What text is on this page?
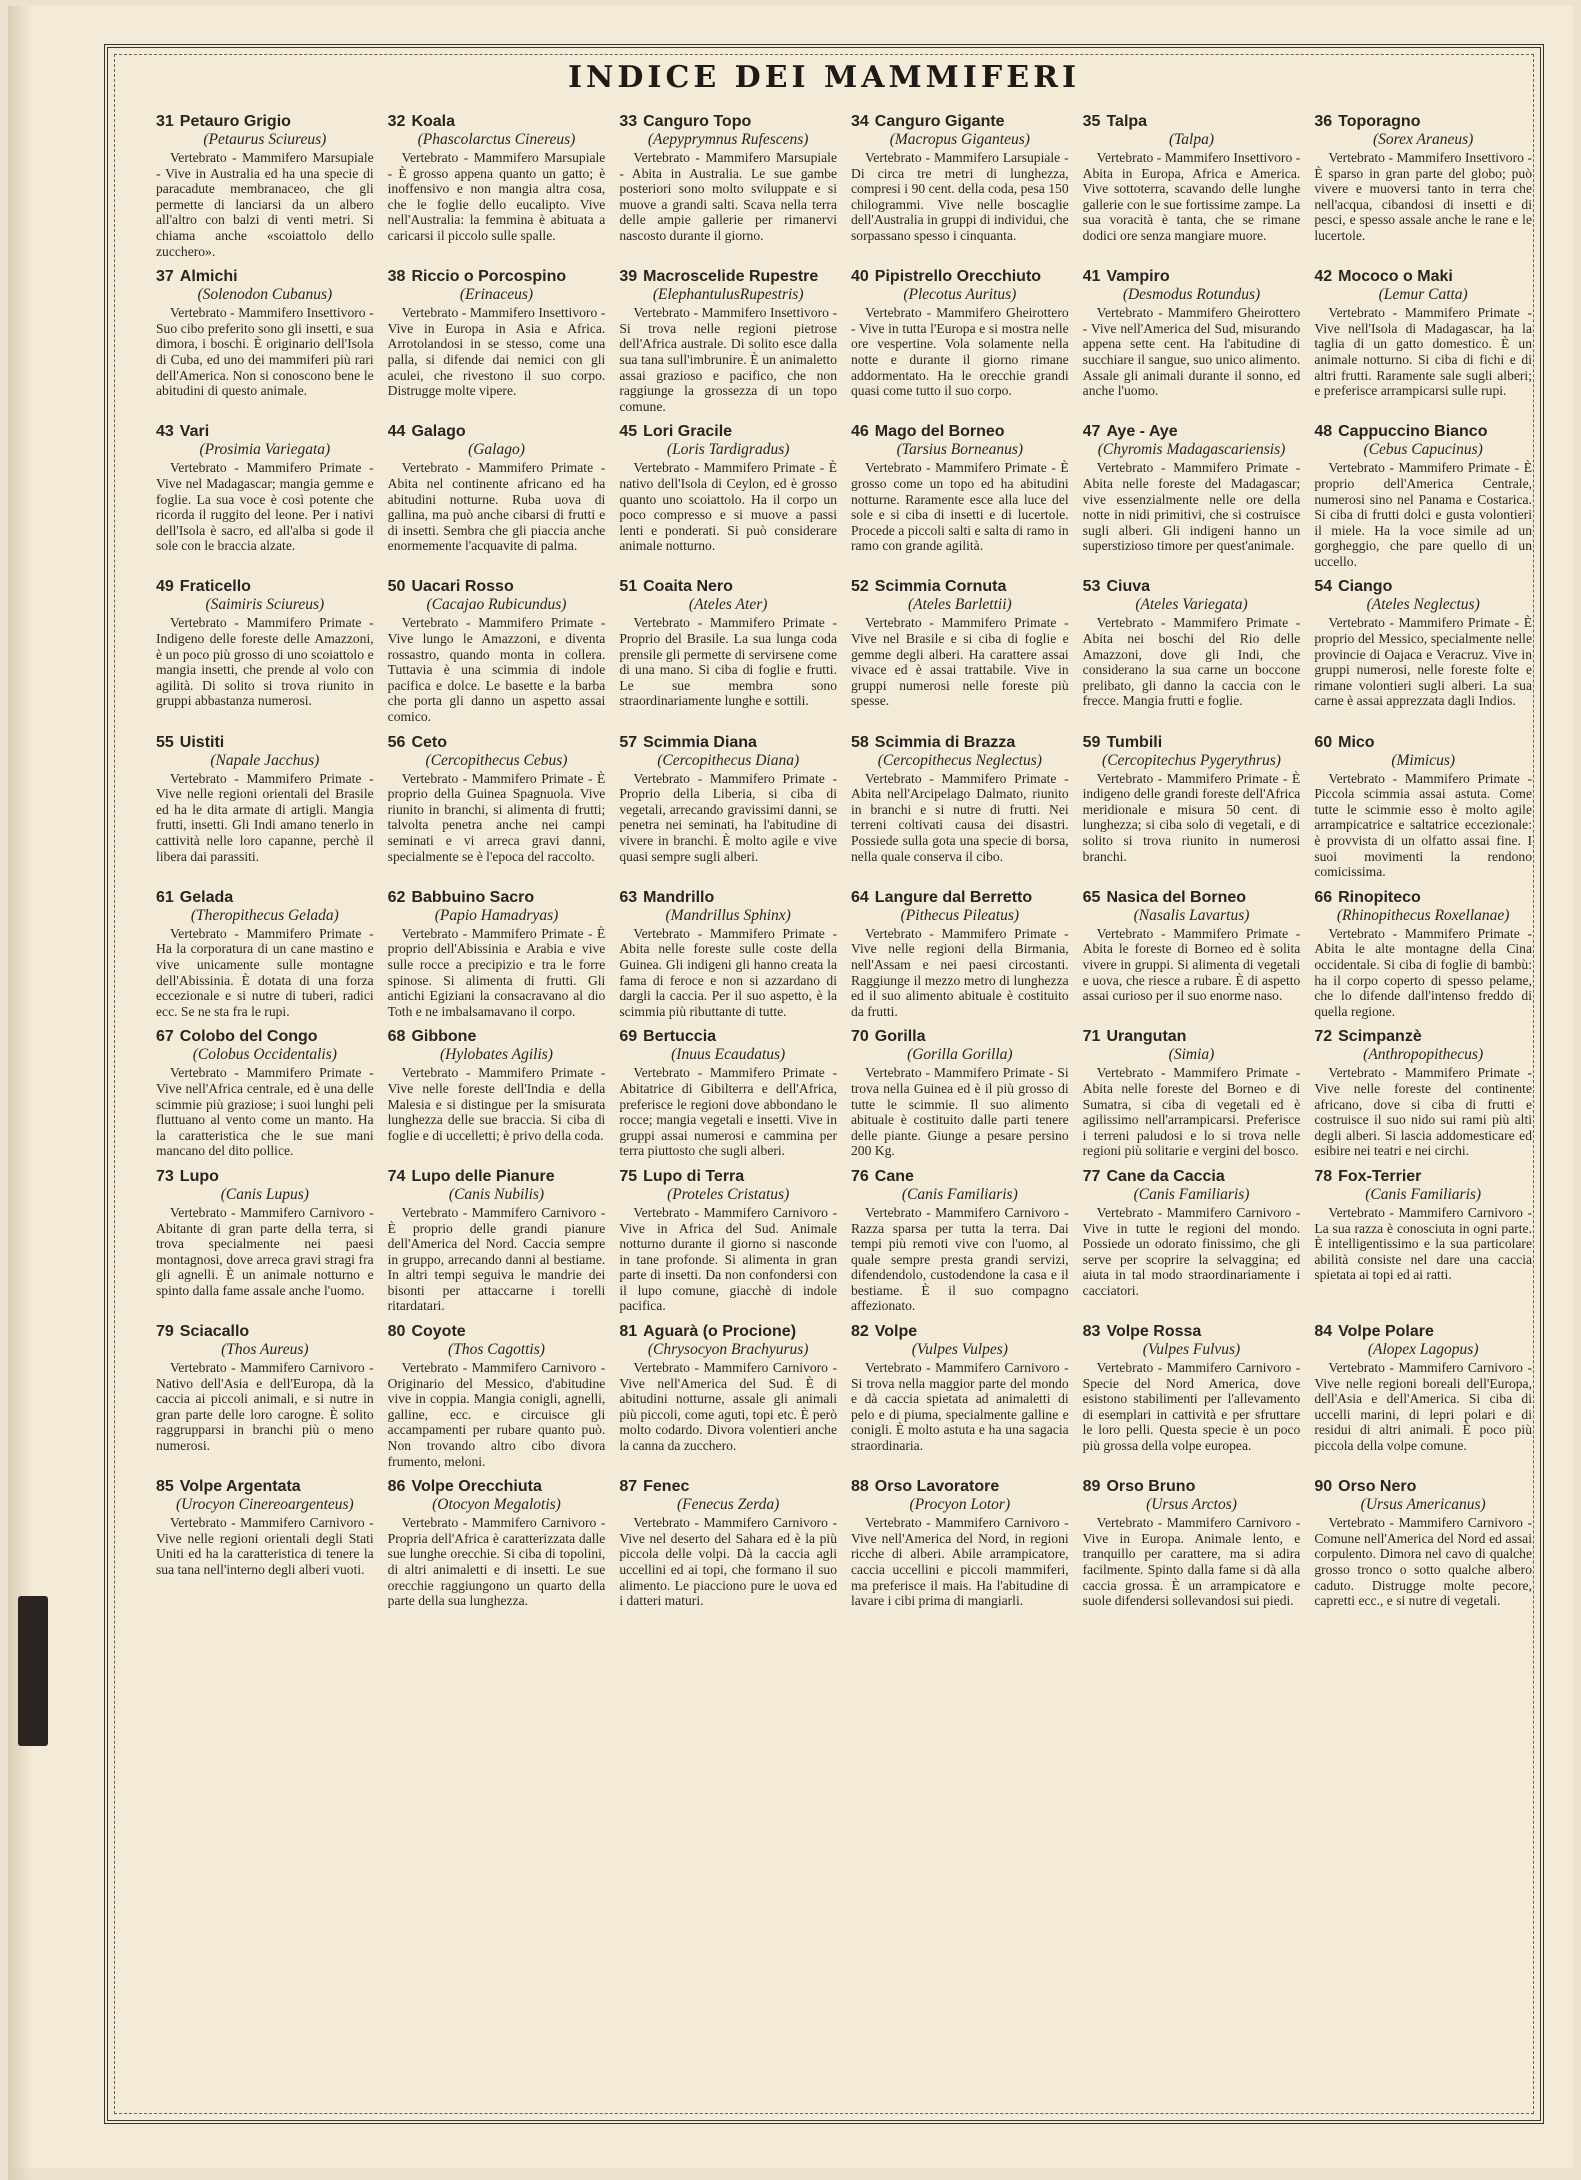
INDICE DEI MAMMIFERI
31 Petauro Grigio
(Petaurus Sciureus)
Vertebrato - Mammifero Marsupiale - Vive in Australia ed ha una specie di paracadute membranaceo, che gli permette di lanciarsi da un albero all'altro con balzi di venti metri. Si chiama anche «scoiattolo dello zucchero».
32 Koala
(Phascolarctus Cinereus)
Vertebrato - Mammifero Marsupiale - È grosso appena quanto un gatto; è inoffensivo e non mangia altra cosa, che le foglie dello eucalipto. Vive nell'Australia: la femmina è abituata a caricarsi il piccolo sulle spalle.
33 Canguro Topo
(Aepyprymnus Rufescens)
Vertebrato - Mammifero Marsupiale - Abita in Australia. Le sue gambe posteriori sono molto sviluppate e si muove a grandi salti. Scava nella terra delle ampie gallerie per rimanervi nascosto durante il giorno.
34 Canguro Gigante
(Macropus Giganteus)
Vertebrato - Mammifero Larsupiale - Di circa tre metri di lunghezza, compresi i 90 cent. della coda, pesa 150 chilogrammi. Vive nelle boscaglie dell'Australia in gruppi di individui, che sorpassano spesso i cinquanta.
35 Talpa
(Talpa)
Vertebrato - Mammifero Insettivoro - Abita in Europa, Africa e America. Vive sottoterra, scavando delle lunghe gallerie con le sue fortissime zampe. La sua voracità è tanta, che se rimane dodici ore senza mangiare muore.
36 Toporagno
(Sorex Araneus)
Vertebrato - Mammifero Insettivoro - È sparso in gran parte del globo; può vivere e muoversi tanto in terra che nell'acqua, cibandosi di insetti e di pesci, e spesso assale anche le rane e le lucertole.
37 Almichi
(Solenodon Cubanus)
Vertebrato - Mammifero Insettivoro - Suo cibo preferito sono gli insetti, e sua dimora, i boschi. È originario dell'Isola di Cuba, ed uno dei mammiferi più rari dell'America. Non si conoscono bene le abitudini di questo animale.
38 Riccio o Porcospino
(Erinaceus)
Vertebrato - Mammifero Insettivoro - Vive in Europa in Asia e Africa. Arrotolandosi in se stesso, come una palla, si difende dai nemici con gli aculei, che rivestono il suo corpo. Distrugge molte vipere.
39 Macroscelide Rupestre
(ElephantulusRupestris)
Vertebrato - Mammifero Insettivoro - Si trova nelle regioni pietrose dell'Africa australe. Di solito esce dalla sua tana sull'imbrunire. È un animaletto assai grazioso e pacifico, che non raggiunge la grossezza di un topo comune.
40 Pipistrello Orecchiuto
(Plecotus Auritus)
Vertebrato - Mammifero Gheirottero - Vive in tutta l'Europa e si mostra nelle ore vespertine. Vola solamente nella notte e durante il giorno rimane addormentato. Ha le orecchie grandi quasi come tutto il suo corpo.
41 Vampiro
(Desmodus Rotundus)
Vertebrato - Mammifero Gheirottero - Vive nell'America del Sud, misurando appena sette cent. Ha l'abitudine di succhiare il sangue, suo unico alimento. Assale gli animali durante il sonno, ed anche l'uomo.
42 Mococo o Maki
(Lemur Catta)
Vertebrato - Mammifero Primate - Vive nell'Isola di Madagascar, ha la taglia di un gatto domestico. È un animale notturno. Si ciba di fichi e di altri frutti. Raramente sale sugli alberi; e preferisce arrampicarsi sulle rupi.
43 Vari
(Prosimia Variegata)
Vertebrato - Mammifero Primate - Vive nel Madagascar; mangia gemme e foglie. La sua voce è così potente che ricorda il ruggito del leone. Per i nativi dell'Isola è sacro, ed all'alba si gode il sole con le braccia alzate.
44 Galago
(Galago)
Vertebrato - Mammifero Primate - Abita nel continente africano ed ha abitudini notturne. Ruba uova di gallina, ma può anche cibarsi di frutti e di insetti. Sembra che gli piaccia anche enormemente l'acquavite di palma.
45 Lori Gracile
(Loris Tardigradus)
Vertebrato - Mammifero Primate - È nativo dell'Isola di Ceylon, ed è grosso quanto uno scoiattolo. Ha il corpo un poco compresso e si muove a passi lenti e ponderati. Si può considerare animale notturno.
46 Mago del Borneo
(Tarsius Borneanus)
Vertebrato - Mammifero Primate - È grosso come un topo ed ha abitudini notturne. Raramente esce alla luce del sole e si ciba di insetti e di lucertole. Procede a piccoli salti e salta di ramo in ramo con grande agilità.
47 Aye - Aye
(Chyromis Madagascariensis)
Vertebrato - Mammifero Primate - Abita nelle foreste del Madagascar; vive essenzialmente nelle ore della notte in nidi primitivi, che si costruisce sugli alberi. Gli indigeni hanno un superstizioso timore per quest'animale.
48 Cappuccino Bianco
(Cebus Capucinus)
Vertebrato - Mammifero Primate - È proprio dell'America Centrale, numerosi sino nel Panama e Costarica. Si ciba di frutti dolci e gusta volontieri il miele. Ha la voce simile ad un gorgheggio, che pare quello di un uccello.
49 Fraticello
(Saimiris Sciureus)
Vertebrato - Mammifero Primate - Indigeno delle foreste delle Amazzoni, è un poco più grosso di uno scoiattolo e mangia insetti, che prende al volo con agilità. Di solito si trova riunito in gruppi abbastanza numerosi.
50 Uacari Rosso
(Cacajao Rubicundus)
Vertebrato - Mammifero Primate - Vive lungo le Amazzoni, e diventa rossastro, quando monta in collera. Tuttavia è una scimmia di indole pacifica e dolce. Le basette e la barba che porta gli danno un aspetto assai comico.
51 Coaita Nero
(Ateles Ater)
Vertebrato - Mammifero Primate - Proprio del Brasile. La sua lunga coda prensile gli permette di servirsene come di una mano. Si ciba di foglie e frutti. Le sue membra sono straordinariamente lunghe e sottili.
52 Scimmia Cornuta
(Ateles Barlettii)
Vertebrato - Mammifero Primate - Vive nel Brasile e si ciba di foglie e gemme degli alberi. Ha carattere assai vivace ed è assai trattabile. Vive in gruppi numerosi nelle foreste più spesse.
53 Ciuva
(Ateles Variegata)
Vertebrato - Mammifero Primate - Abita nei boschi del Rio delle Amazzoni, dove gli Indi, che considerano la sua carne un boccone prelibato, gli danno la caccia con le frecce. Mangia frutti e foglie.
54 Ciango
(Ateles Neglectus)
Vertebrato - Mammifero Primate - È proprio del Messico, specialmente nelle provincie di Oajaca e Veracruz. Vive in gruppi numerosi, nelle foreste folte e rimane volontieri sugli alberi. La sua carne è assai apprezzata dagli Indios.
55 Uistiti
(Napale Jacchus)
Vertebrato - Mammifero Primate - Vive nelle regioni orientali del Brasile ed ha le dita armate di artigli. Mangia frutti, insetti. Gli Indi amano tenerlo in cattività nelle loro capanne, perchè il libera dai parassiti.
56 Ceto
(Cercopithecus Cebus)
Vertebrato - Mammifero Primate - È proprio della Guinea Spagnuola. Vive riunito in branchi, si alimenta di frutti; talvolta penetra anche nei campi seminati e vi arreca gravi danni, specialmente se è l'epoca del raccolto.
57 Scimmia Diana
(Cercopithecus Diana)
Vertebrato - Mammifero Primate - Proprio della Liberia, si ciba di vegetali, arrecando gravissimi danni, se penetra nei seminati, ha l'abitudine di vivere in branchi. È molto agile e vive quasi sempre sugli alberi.
58 Scimmia di Brazza
(Cercopithecus Neglectus)
Vertebrato - Mammifero Primate - Abita nell'Arcipelago Dalmato, riunito in branchi e si nutre di frutti. Nei terreni coltivati causa dei disastri. Possiede sulla gota una specie di borsa, nella quale conserva il cibo.
59 Tumbili
(Cercopitechus Pygerythrus)
Vertebrato - Mammifero Primate - È indigeno delle grandi foreste dell'Africa meridionale e misura 50 cent. di lunghezza; si ciba solo di vegetali, e di solito si trova riunito in numerosi branchi.
60 Mico
(Mimicus)
Vertebrato - Mammifero Primate - Piccola scimmia assai astuta. Come tutte le scimmie esso è molto agile arrampicatrice e saltatrice eccezionale: è provvista di un olfatto assai fine. I suoi movimenti la rendono comicissima.
61 Gelada
(Theropithecus Gelada)
Vertebrato - Mammifero Primate - Ha la corporatura di un cane mastino e vive unicamente sulle montagne dell'Abissinia. È dotata di una forza eccezionale e si nutre di tuberi, radici ecc. Se ne sta fra le rupi.
62 Babbuino Sacro
(Papio Hamadryas)
Vertebrato - Mammifero Primate - È proprio dell'Abissinia e Arabia e vive sulle rocce a precipizio e tra le forre spinose. Si alimenta di frutti. Gli antichi Egiziani la consacravano al dio Toth e ne imbalsamavano il corpo.
63 Mandrillo
(Mandrillus Sphinx)
Vertebrato - Mammifero Primate - Abita nelle foreste sulle coste della Guinea. Gli indigeni gli hanno creata la fama di feroce e non si azzardano di dargli la caccia. Per il suo aspetto, è la scimmia più ributtante di tutte.
64 Langure dal Berretto
(Pithecus Pileatus)
Vertebrato - Mammifero Primate - Vive nelle regioni della Birmania, nell'Assam e nei paesi circostanti. Raggiunge il mezzo metro di lunghezza ed il suo alimento abituale è costituito da frutti.
65 Nasica del Borneo
(Nasalis Lavartus)
Vertebrato - Mammifero Primate - Abita le foreste di Borneo ed è solita vivere in gruppi. Si alimenta di vegetali e uova, che riesce a rubare. È di aspetto assai curioso per il suo enorme naso.
66 Rinopiteco
(Rhinopithecus Roxellanae)
Vertebrato - Mammifero Primate - Abita le alte montagne della Cina occidentale. Si ciba di foglie di bambù: ha il corpo coperto di spesso pelame, che lo difende dall'intenso freddo di quella regione.
67 Colobo del Congo
(Colobus Occidentalis)
Vertebrato - Mammifero Primate - Vive nell'Africa centrale, ed è una delle scimmie più graziose; i suoi lunghi peli fluttuano al vento come un manto. Ha la caratteristica che le sue mani mancano del dito pollice.
68 Gibbone
(Hylobates Agilis)
Vertebrato - Mammifero Primate - Vive nelle foreste dell'India e della Malesia e si distingue per la smisurata lunghezza delle sue braccia. Si ciba di foglie e di uccelletti; è privo della coda.
69 Bertuccia
(Inuus Ecaudatus)
Vertebrato - Mammifero Primate - Abitatrice di Gibilterra e dell'Africa, preferisce le regioni dove abbondano le rocce; mangia vegetali e insetti. Vive in gruppi assai numerosi e cammina per terra piuttosto che sugli alberi.
70 Gorilla
(Gorilla Gorilla)
Vertebrato - Mammifero Primate - Si trova nella Guinea ed è il più grosso di tutte le scimmie. Il suo alimento abituale è costituito dalle parti tenere delle piante. Giunge a pesare persino 200 Kg.
71 Urangutan
(Simia)
Vertebrato - Mammifero Primate - Abita nelle foreste del Borneo e di Sumatra, si ciba di vegetali ed è agilissimo nell'arrampicarsi. Preferisce i terreni paludosi e lo si trova nelle regioni più solitarie e vergini del bosco.
72 Scimpanzè
(Anthropopithecus)
Vertebrato - Mammifero Primate - Vive nelle foreste del continente africano, dove si ciba di frutti e costruisce il suo nido sui rami più alti degli alberi. Si lascia addomesticare ed esibire nei teatri e nei circhi.
73 Lupo
(Canis Lupus)
Vertebrato - Mammifero Carnivoro - Abitante di gran parte della terra, si trova specialmente nei paesi montagnosi, dove arreca gravi stragi fra gli agnelli. È un animale notturno e spinto dalla fame assale anche l'uomo.
74 Lupo delle Pianure
(Canis Nubilis)
Vertebrato - Mammifero Carnivoro - È proprio delle grandi pianure dell'America del Nord. Caccia sempre in gruppo, arrecando danni al bestiame. In altri tempi seguiva le mandrie dei bisonti per attaccarne i torelli ritardatari.
75 Lupo di Terra
(Proteles Cristatus)
Vertebrato - Mammifero Carnivoro - Vive in Africa del Sud. Animale notturno durante il giorno si nasconde in tane profonde. Si alimenta in gran parte di insetti. Da non confondersi con il lupo comune, giacchè di indole pacifica.
76 Cane
(Canis Familiaris)
Vertebrato - Mammifero Carnivoro - Razza sparsa per tutta la terra. Dai tempi più remoti vive con l'uomo, al quale sempre presta grandi servizi, difendendolo, custodendone la casa e il bestiame. È il suo compagno affezionato.
77 Cane da Caccia
(Canis Familiaris)
Vertebrato - Mammifero Carnivoro - Vive in tutte le regioni del mondo. Possiede un odorato finissimo, che gli serve per scoprire la selvaggina; ed aiuta in tal modo straordinariamente i cacciatori.
78 Fox-Terrier
(Canis Familiaris)
Vertebrato - Mammifero Carnivoro - La sua razza è conosciuta in ogni parte. È intelligentissimo e la sua particolare abilità consiste nel dare una caccia spietata ai topi ed ai ratti.
79 Sciacallo
(Thos Aureus)
Vertebrato - Mammifero Carnivoro - Nativo dell'Asia e dell'Europa, dà la caccia ai piccoli animali, e si nutre in gran parte delle loro carogne. È solito raggrupparsi in branchi più o meno numerosi.
80 Coyote
(Thos Cagottis)
Vertebrato - Mammifero Carnivoro - Originario del Messico, d'abitudine vive in coppia. Mangia conigli, agnelli, galline, ecc. e circuisce gli accampamenti per rubare quanto può. Non trovando altro cibo divora frumento, meloni.
81 Aguarà (o Procione)
(Chrysocyon Brachyurus)
Vertebrato - Mammifero Carnivoro - Vive nell'America del Sud. È di abitudini notturne, assale gli animali più piccoli, come aguti, topi etc. È però molto codardo. Divora volentieri anche la canna da zucchero.
82 Volpe
(Vulpes Vulpes)
Vertebrato - Mammifero Carnivoro - Si trova nella maggior parte del mondo e dà caccia spietata ad animaletti di pelo e di piuma, specialmente galline e conigli. È molto astuta e ha una sagacia straordinaria.
83 Volpe Rossa
(Vulpes Fulvus)
Vertebrato - Mammifero Carnivoro - Specie del Nord America, dove esistono stabilimenti per l'allevamento di esemplari in cattività e per sfruttare le loro pelli. Questa specie è un poco più grossa della volpe europea.
84 Volpe Polare
(Alopex Lagopus)
Vertebrato - Mammifero Carnivoro - Vive nelle regioni boreali dell'Europa, dell'Asia e dell'America. Si ciba di uccelli marini, di lepri polari e di residui di altri animali. È poco più piccola della volpe comune.
85 Volpe Argentata
(Urocyon Cinereoargenteus)
Vertebrato - Mammifero Carnivoro - Vive nelle regioni orientali degli Stati Uniti ed ha la caratteristica di tenere la sua tana nell'interno degli alberi vuoti.
86 Volpe Orecchiuta
(Otocyon Megalotis)
Vertebrato - Mammifero Carnivoro - Propria dell'Africa è caratterizzata dalle sue lunghe orecchie. Si ciba di topolini, di altri animaletti e di insetti. Le sue orecchie raggiungono un quarto della parte della sua lunghezza.
87 Fenec
(Fenecus Zerda)
Vertebrato - Mammifero Carnivoro - Vive nel deserto del Sahara ed è la più piccola delle volpi. Dà la caccia agli uccellini ed ai topi, che formano il suo alimento. Le piacciono pure le uova ed i datteri maturi.
88 Orso Lavoratore
(Procyon Lotor)
Vertebrato - Mammifero Carnivoro - Vive nell'America del Nord, in regioni ricche di alberi. Abile arrampicatore, caccia uccellini e piccoli mammiferi, ma preferisce il mais. Ha l'abitudine di lavare i cibi prima di mangiarli.
89 Orso Bruno
(Ursus Arctos)
Vertebrato - Mammifero Carnivoro - Vive in Europa. Animale lento, e tranquillo per carattere, ma si adira facilmente. Spinto dalla fame si dà alla caccia grossa. È un arrampicatore e suole difendersi sollevandosi sui piedi.
90 Orso Nero
(Ursus Americanus)
Vertebrato - Mammifero Carnivoro - Comune nell'America del Nord ed assai corpulento. Dimora nel cavo di qualche grosso tronco o sotto qualche albero caduto. Distrugge molte pecore, capretti ecc., e si nutre di vegetali.
